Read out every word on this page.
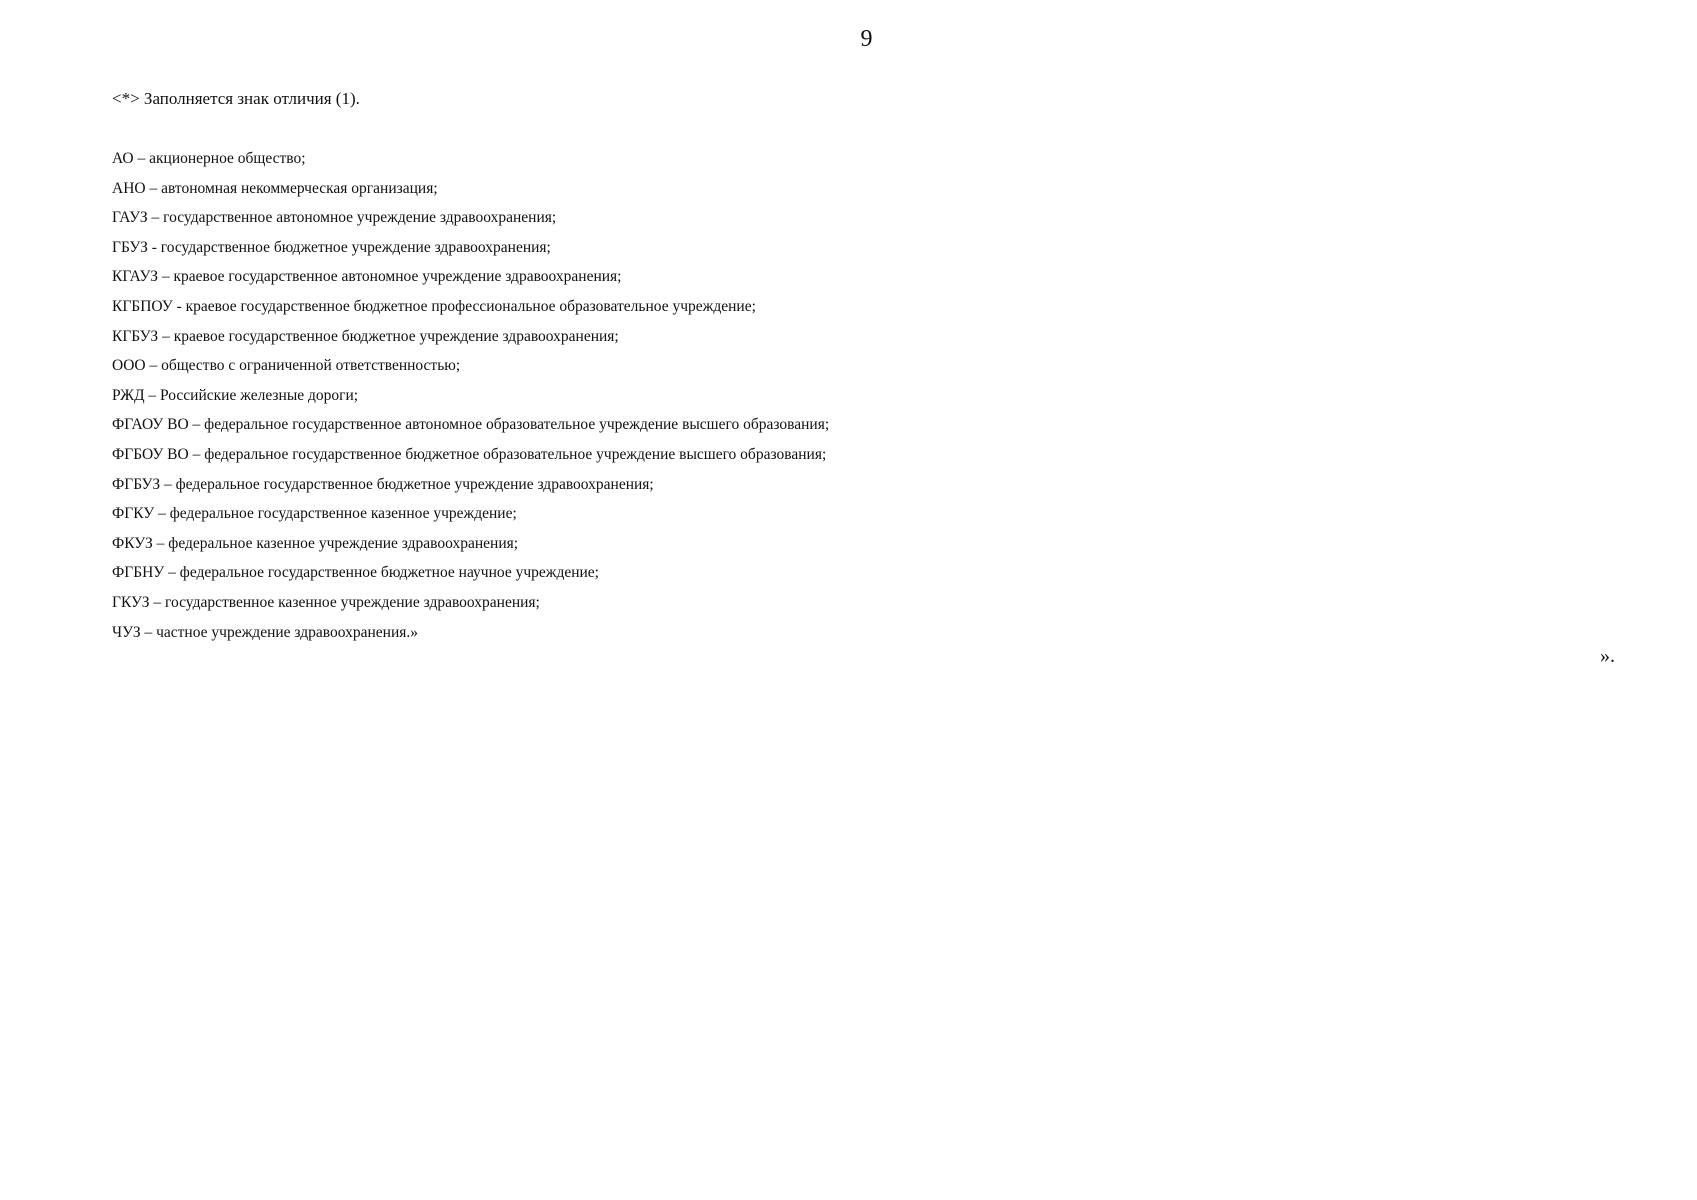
9
<*> Заполняется знак отличия (1).
АО – акционерное общество;
АНО – автономная некоммерческая организация;
ГАУЗ – государственное автономное учреждение здравоохранения;
ГБУЗ - государственное бюджетное учреждение здравоохранения;
КГАУЗ – краевое государственное автономное учреждение здравоохранения;
КГБПОУ - краевое государственное бюджетное профессиональное образовательное учреждение;
КГБУЗ – краевое государственное бюджетное учреждение здравоохранения;
ООО – общество с ограниченной ответственностью;
РЖД – Российские железные дороги;
ФГАОУ ВО – федеральное государственное автономное образовательное учреждение высшего образования;
ФГБОУ ВО – федеральное государственное бюджетное образовательное учреждение высшего образования;
ФГБУЗ – федеральное государственное бюджетное учреждение здравоохранения;
ФГКУ – федеральное государственное казенное учреждение;
ФКУЗ – федеральное казенное учреждение здравоохранения;
ФГБНУ – федеральное государственное бюджетное научное учреждение;
ГКУЗ – государственное казенное учреждение здравоохранения;
ЧУЗ – частное учреждение здравоохранения.»
».
